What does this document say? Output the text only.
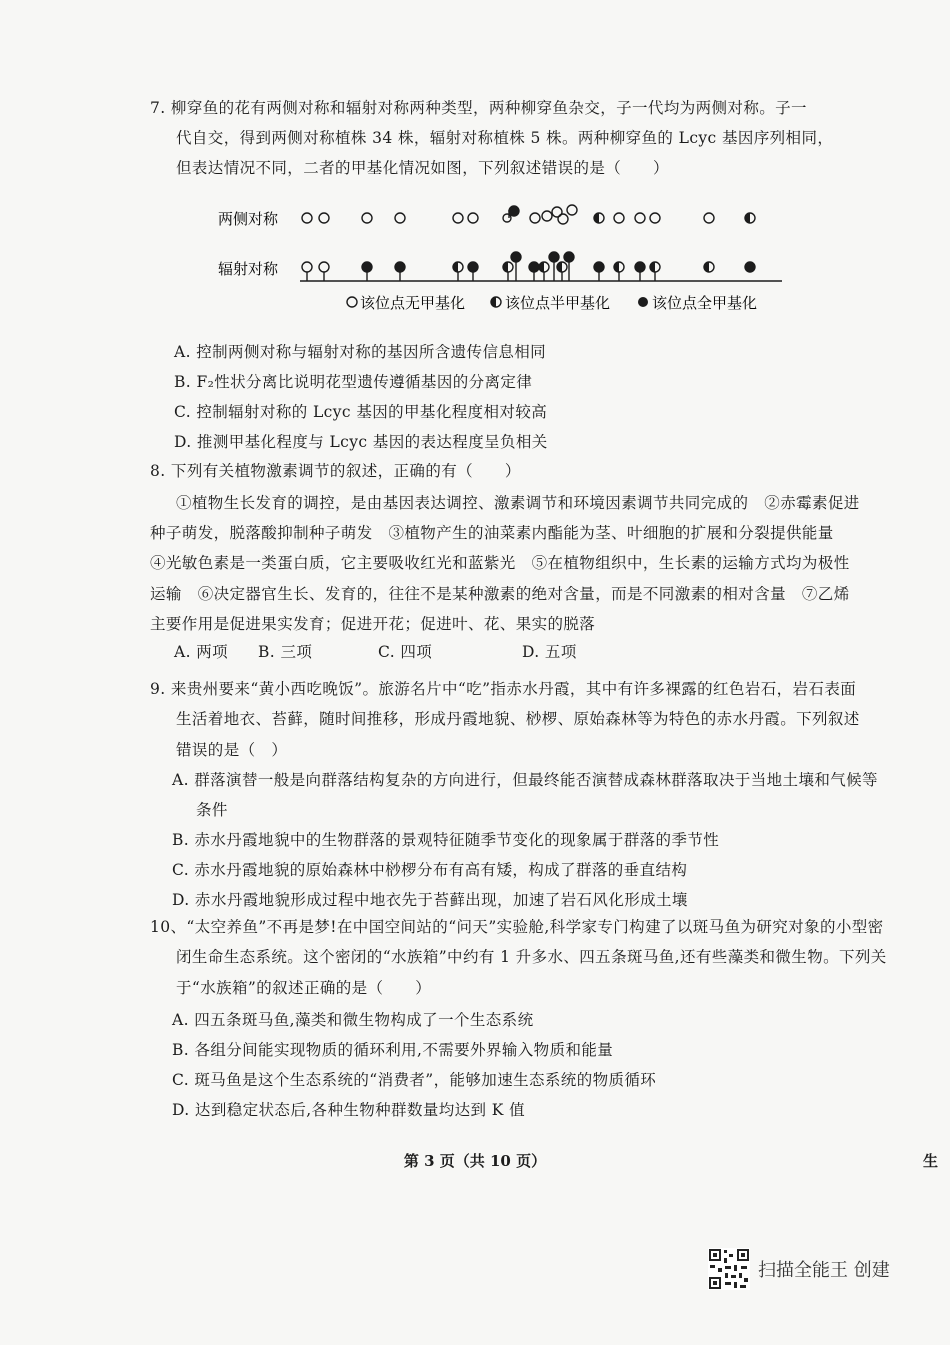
7. 柳穿鱼的花有两侧对称和辐射对称两种类型，两种柳穿鱼杂交，子一代均为两侧对称。子一
代自交，得到两侧对称植株 34 株，辐射对称植株 5 株。两种柳穿鱼的 Lcyc 基因序列相同，
但表达情况不同，二者的甲基化情况如图，下列叙述错误的是（　　）
两侧对称
辐射对称
该位点无甲基化	该位点半甲基化	该位点全甲基化
A. 控制两侧对称与辐射对称的基因所含遗传信息相同
B. F₂性状分离比说明花型遗传遵循基因的分离定律
C. 控制辐射对称的 Lcyc 基因的甲基化程度相对较高
D. 推测甲基化程度与 Lcyc 基因的表达程度呈负相关
8. 下列有关植物激素调节的叙述，正确的有（　　）
①植物生长发育的调控，是由基因表达调控、激素调节和环境因素调节共同完成的　②赤霉素促进种子萌发，脱落酸抑制种子萌发　③植物产生的油菜素内酯能为茎、叶细胞的扩展和分裂提供能量　④光敏色素是一类蛋白质，它主要吸收红光和蓝紫光　⑤在植物组织中，生长素的运输方式均为极性运输　⑥决定器官生长、发育的，往往不是某种激素的绝对含量，而是不同激素的相对含量　⑦乙烯主要作用是促进果实发育；促进开花；促进叶、花、果实的脱落
A. 两项 B. 三项	C. 四项	D. 五项
9. 来贵州要来“黄小西吃晚饭”。旅游名片中“吃”指赤水丹霞，其中有许多裸露的红色岩石，岩石表面生活着地衣、苔藓，随时间推移，形成丹霞地貌、桫椤、原始森林等为特色的赤水丹霞。下列叙述错误的是（　）
A. 群落演替一般是向群落结构复杂的方向进行，但最终能否演替成森林群落取决于当地土壤和气候等条件
B. 赤水丹霞地貌中的生物群落的景观特征随季节变化的现象属于群落的季节性
C. 赤水丹霞地貌的原始森林中桫椤分布有高有矮，构成了群落的垂直结构
D. 赤水丹霞地貌形成过程中地衣先于苔藓出现，加速了岩石风化形成土壤
10、“太空养鱼”不再是梦!在中国空间站的“问天”实验舱,科学家专门构建了以斑马鱼为研究对象的小型密闭生命生态系统。这个密闭的“水族箱”中约有 1 升多水、四五条斑马鱼,还有些藻类和微生物。下列关于“水族箱”的叙述正确的是（　　）
A. 四五条斑马鱼,藻类和微生物构成了一个生态系统
B. 各组分间能实现物质的循环利用,不需要外界输入物质和能量
C. 斑马鱼是这个生态系统的“消费者”，能够加速生态系统的物质循环
D. 达到稳定状态后,各种生物种群数量均达到 K 值
第 3 页（共 10 页）	生
扫描全能王 创建
